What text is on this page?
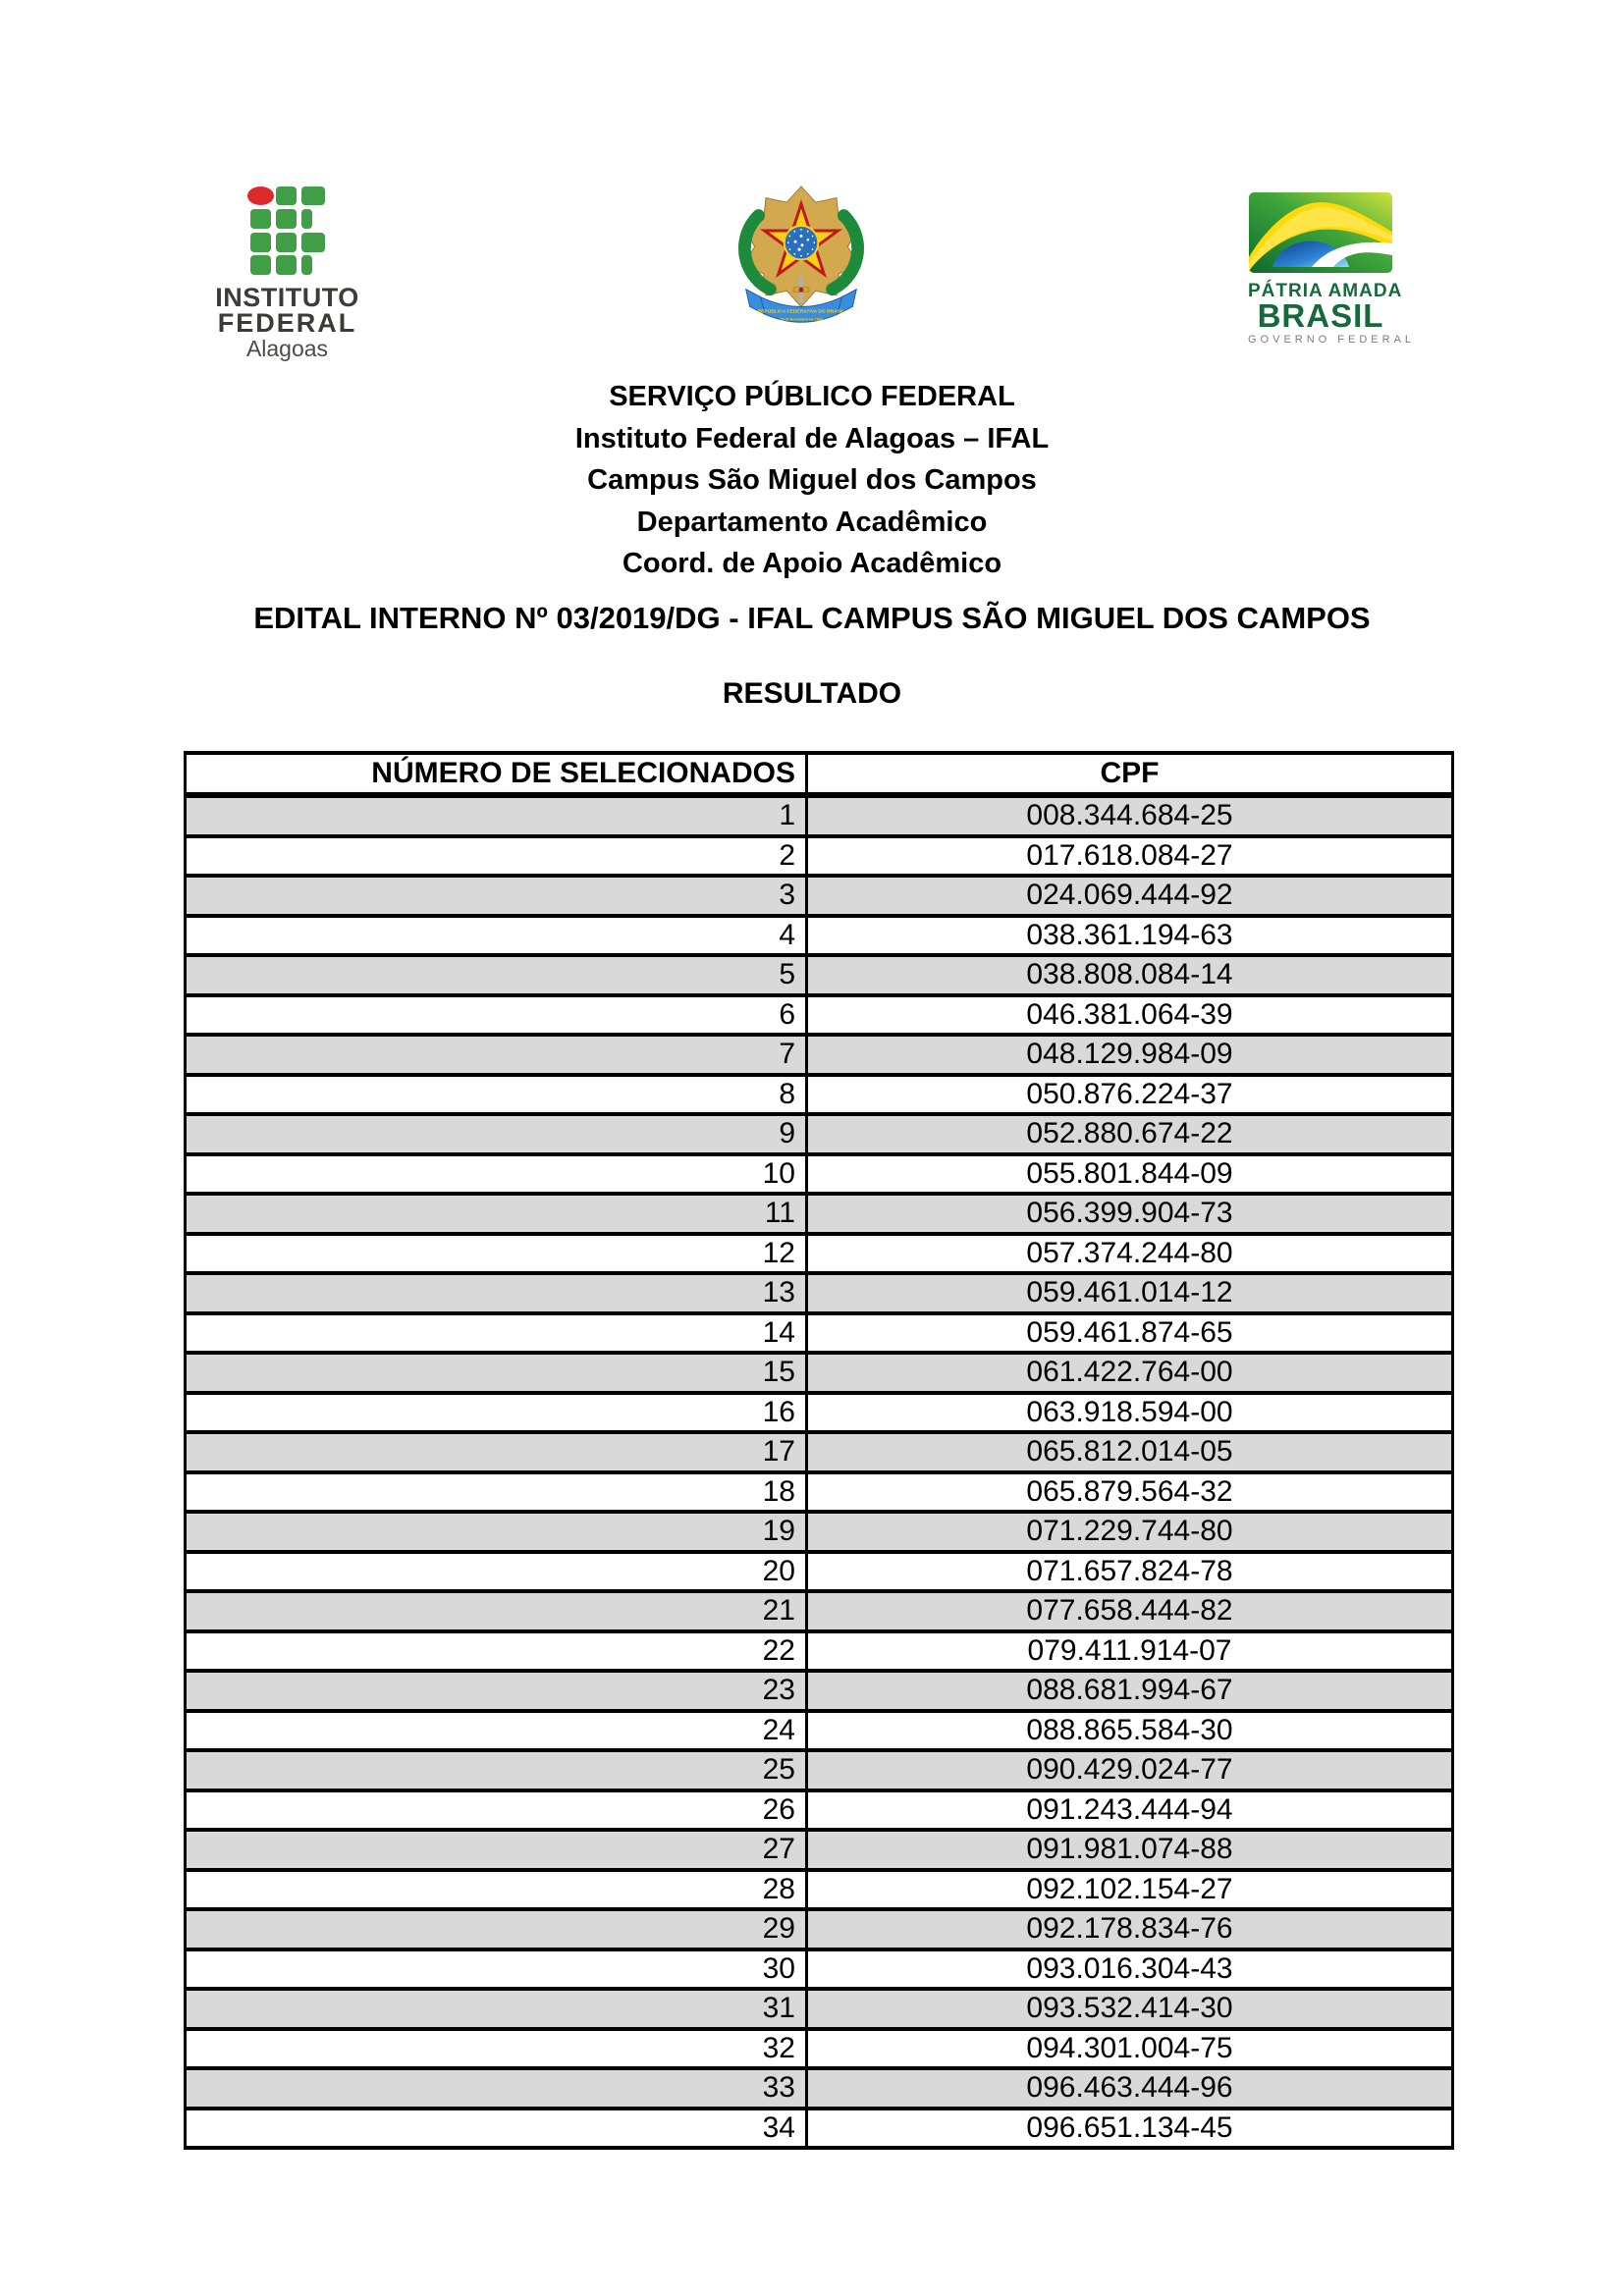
INSTITUTO
FEDERAL
Alagoas
REPÚBLICA FEDERATIVA DO BRASIL
15 de Novembro de 1889
PÁTRIA AMADA
BRASIL
GOVERNO FEDERAL
SERVIÇO PÚBLICO FEDERAL
Instituto Federal de Alagoas – IFAL
Campus São Miguel dos Campos
Departamento Acadêmico
Coord. de Apoio Acadêmico
EDITAL INTERNO Nº 03/2019/DG - IFAL CAMPUS SÃO MIGUEL DOS CAMPOS
RESULTADO
NÚMERO DE SELECIONADOS	CPF
1	008.344.684-25
2	017.618.084-27
3	024.069.444-92
4	038.361.194-63
5	038.808.084-14
6	046.381.064-39
7	048.129.984-09
8	050.876.224-37
9	052.880.674-22
10	055.801.844-09
11	056.399.904-73
12	057.374.244-80
13	059.461.014-12
14	059.461.874-65
15	061.422.764-00
16	063.918.594-00
17	065.812.014-05
18	065.879.564-32
19	071.229.744-80
20	071.657.824-78
21	077.658.444-82
22	079.411.914-07
23	088.681.994-67
24	088.865.584-30
25	090.429.024-77
26	091.243.444-94
27	091.981.074-88
28	092.102.154-27
29	092.178.834-76
30	093.016.304-43
31	093.532.414-30
32	094.301.004-75
33	096.463.444-96
34	096.651.134-45
